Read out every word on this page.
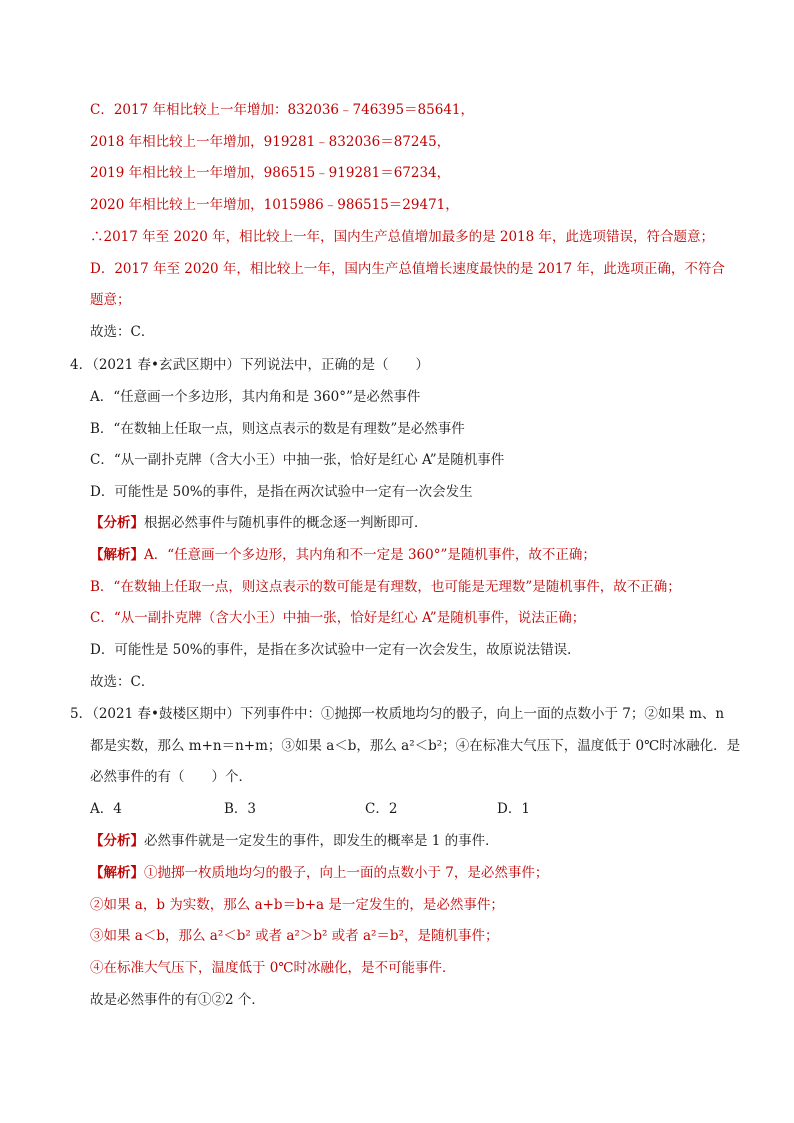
C．2017 年相比较上一年增加：832036﹣746395＝85641，
2018 年相比较上一年增加，919281﹣832036＝87245，
2019 年相比较上一年增加，986515﹣919281＝67234，
2020 年相比较上一年增加，1015986﹣986515＝29471，
∴2017 年至 2020 年，相比较上一年，国内生产总值增加最多的是 2018 年，此选项错误，符合题意；
D．2017 年至 2020 年，相比较上一年，国内生产总值增长速度最快的是 2017 年，此选项正确，不符合
题意；
故选：C．
4．（2021 春•玄武区期中）下列说法中，正确的是（　　）
A．“任意画一个多边形，其内角和是 360°”是必然事件
B．“在数轴上任取一点，则这点表示的数是有理数”是必然事件
C．“从一副扑克牌（含大小王）中抽一张，恰好是红心 A”是随机事件
D．可能性是 50%的事件，是指在两次试验中一定有一次会发生
【分析】根据必然事件与随机事件的概念逐一判断即可．
【解析】A．“任意画一个多边形，其内角和不一定是 360°”是随机事件，故不正确；
B．“在数轴上任取一点，则这点表示的数可能是有理数，也可能是无理数”是随机事件，故不正确；
C．“从一副扑克牌（含大小王）中抽一张，恰好是红心 A”是随机事件，说法正确；
D．可能性是 50%的事件，是指在多次试验中一定有一次会发生，故原说法错误．
故选：C．
5．（2021 春•鼓楼区期中）下列事件中：①抛掷一枚质地均匀的骰子，向上一面的点数小于 7；②如果 m、n
都是实数，那么 m+n＝n+m；③如果 a＜b，那么 a²＜b²；④在标准大气压下，温度低于 0℃时冰融化．是
必然事件的有（　　）个．
A．4	B．3	C．2	D．1
【分析】必然事件就是一定发生的事件，即发生的概率是 1 的事件．
【解析】①抛掷一枚质地均匀的骰子，向上一面的点数小于 7，是必然事件；
②如果 a，b 为实数，那么 a+b＝b+a 是一定发生的，是必然事件；
③如果 a＜b，那么 a²＜b² 或者 a²＞b² 或者 a²＝b²，是随机事件；
④在标准大气压下，温度低于 0℃时冰融化，是不可能事件．
故是必然事件的有①②2 个．
